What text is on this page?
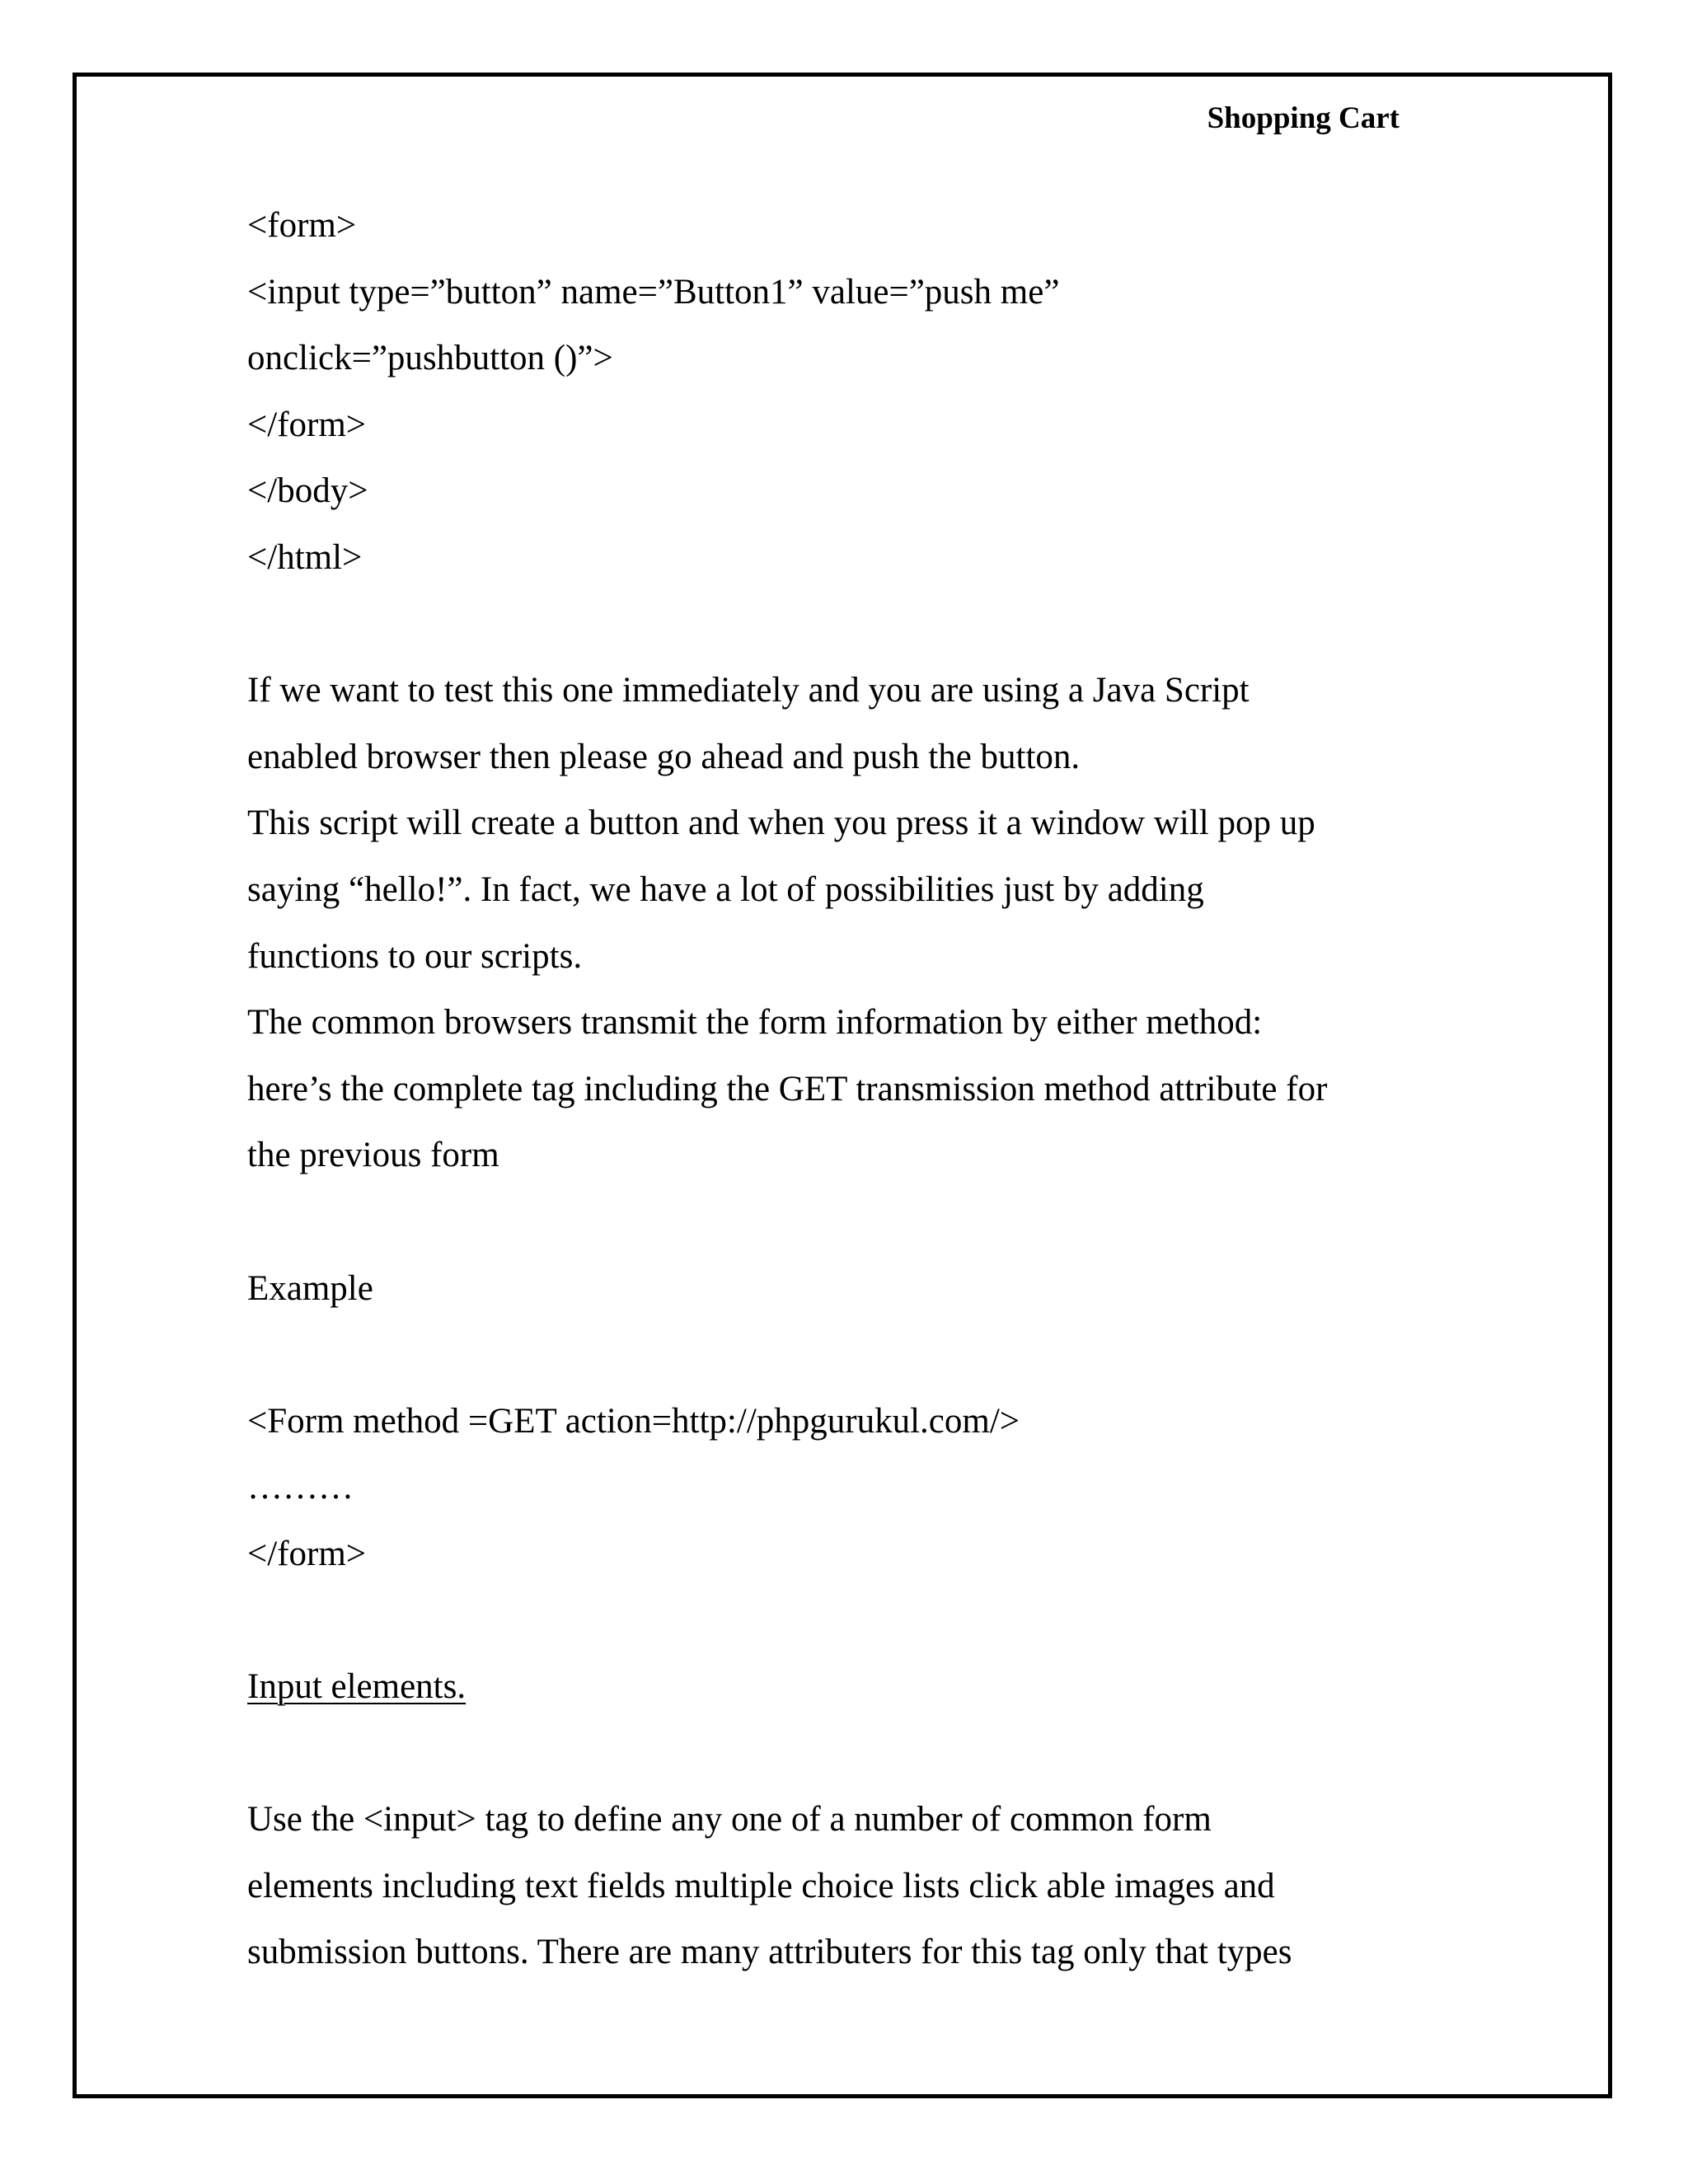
Shopping Cart
<form>
<input type=”button” name=”Button1” value=”push me”
onclick=”pushbutton ()”>
</form>
</body>
</html>
If we want to test this one immediately and you are using a Java Script
enabled browser then please go ahead and push the button.
This script will create a button and when you press it a window will pop up
saying “hello!”. In fact, we have a lot of possibilities just by adding
functions to our scripts.
The common browsers transmit the form information by either method:
here’s the complete tag including the GET transmission method attribute for
the previous form
Example
<Form method =GET action=http://phpgurukul.com/>
………
</form>
Input elements.
Use the <input> tag to define any one of a number of common form
elements including text fields multiple choice lists click able images and
submission buttons. There are many attributers for this tag only that types
